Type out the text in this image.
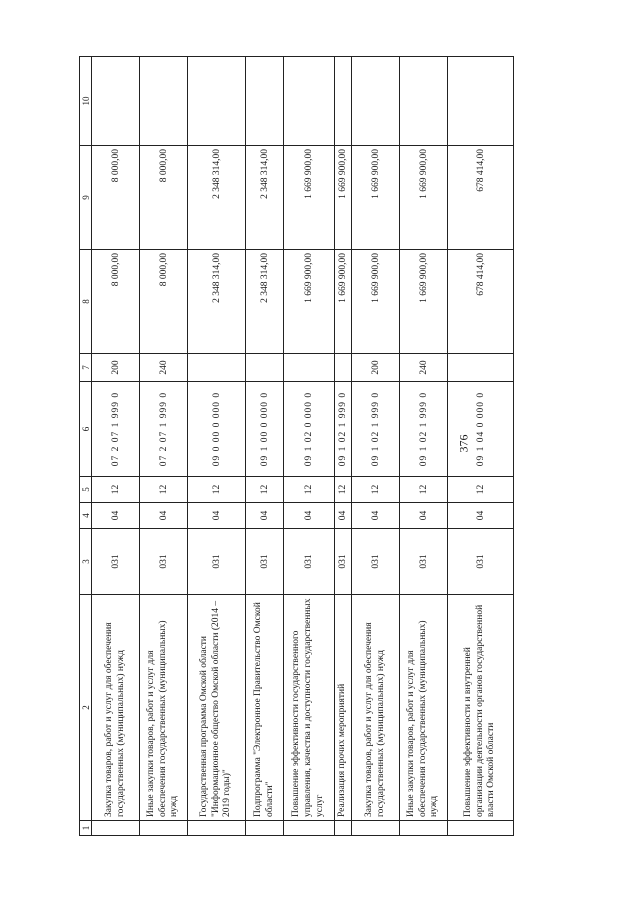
376
1	2	3	4	5	6	7	8	9	10
	Закупка товаров, работ и услуг для обеспечения государственных (муниципальных) нужд	031	04	12	07 2 07 1 999 0	200	8 000,00	8 000,00	
	Иные закупки товаров, работ и услуг для обеспечения государственных (муниципальных) нужд	031	04	12	07 2 07 1 999 0	240	8 000,00	8 000,00	
	Государственная программа Омской области "Информационное общество Омской области (2014 – 2019 годы)"	031	04	12	09 0 00 0 000 0		2 348 314,00	2 348 314,00	
	Подпрограмма "Электронное Правительство Омской области"	031	04	12	09 1 00 0 000 0		2 348 314,00	2 348 314,00	
	Повышение эффективности государственного управления, качества и доступности государственных услуг	031	04	12	09 1 02 0 000 0		1 669 900,00	1 669 900,00	
	Реализация прочих мероприятий	031	04	12	09 1 02 1 999 0		1 669 900,00	1 669 900,00	
	Закупка товаров, работ и услуг для обеспечения государственных (муниципальных) нужд	031	04	12	09 1 02 1 999 0	200	1 669 900,00	1 669 900,00	
	Иные закупки товаров, работ и услуг для обеспечения государственных (муниципальных) нужд	031	04	12	09 1 02 1 999 0	240	1 669 900,00	1 669 900,00	
	Повышение эффективности и внутренней организации деятельности органов государственной власти Омской области	031	04	12	09 1 04 0 000 0		678 414,00	678 414,00	
